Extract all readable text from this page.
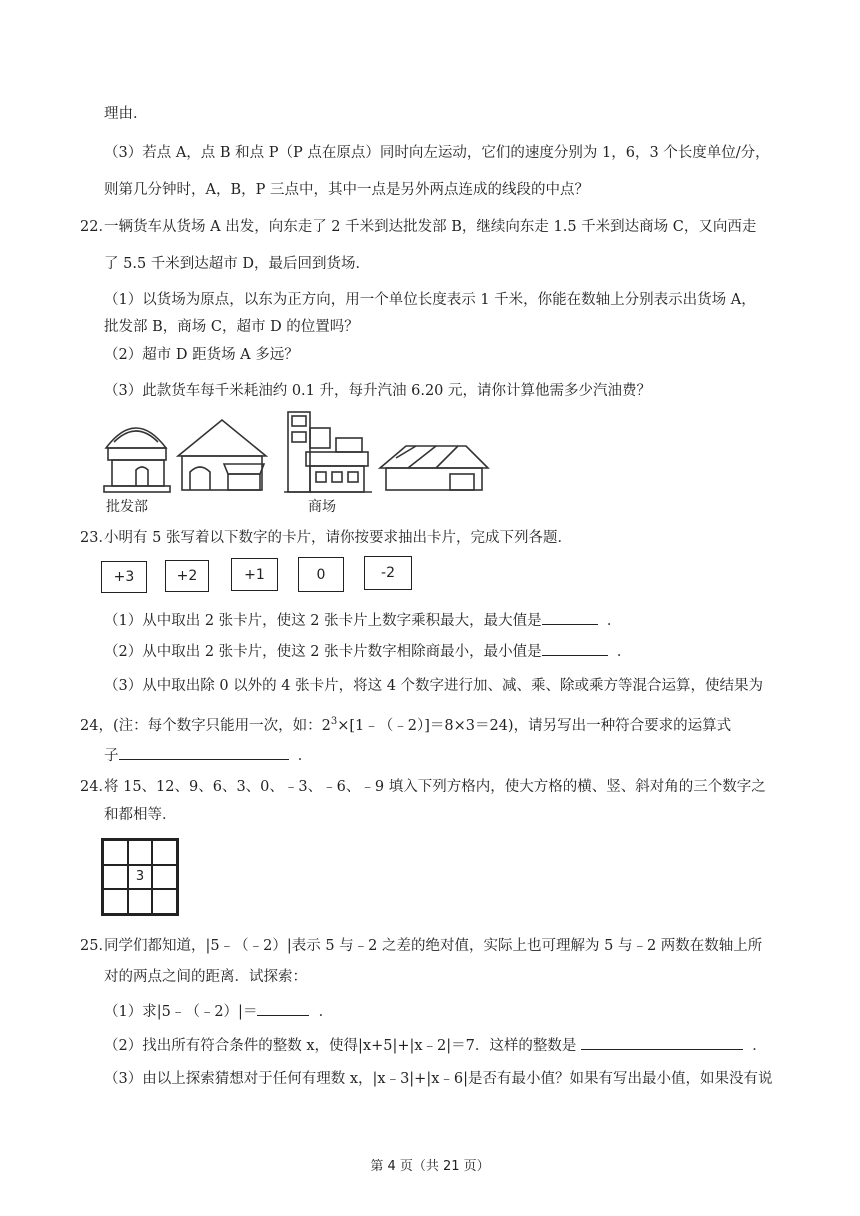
理由．
（3）若点 A，点 B 和点 P（P 点在原点）同时向左运动，它们的速度分别为 1，6，3 个长度单位/分，
则第几分钟时，A，B，P 三点中，其中一点是另外两点连成的线段的中点？
22．
一辆货车从货场 A 出发，向东走了 2 千米到达批发部 B，继续向东走 1.5 千米到达商场 C，又向西走
了 5.5 千米到达超市 D，最后回到货场．
（1）以货场为原点，以东为正方向，用一个单位长度表示 1 千米，你能在数轴上分别表示出货场 A，
批发部 B，商场 C，超市 D 的位置吗？
（2）超市 D 距货场 A 多远？
（3）此款货车每千米耗油约 0.1 升，每升汽油 6.20 元，请你计算他需多少汽油费？
批发部	商场
23．
小明有 5 张写着以下数字的卡片，请你按要求抽出卡片，完成下列各题．
+3	+2	+1	0	-2
（1）从中取出 2 张卡片，使这 2 张卡片上数字乘积最大，最大值是	．
（2）从中取出 2 张卡片，使这 2 张卡片数字相除商最小，最小值是	．
（3）从中取出除 0 以外的 4 张卡片，将这 4 个数字进行加、减、乘、除或乘方等混合运算，使结果为
24，(注：每个数字只能用一次，如：$2^3\times[1﹣(﹣2)]=8\times 3=24$)，请另写出一种符合要求的运算式
子	．
24．
将 15、12、9、6、3、0、﹣3、﹣6、﹣9 填入下列方格内，使大方格的横、竖、斜对角的三个数字之
和都相等．
3
25．
同学们都知道，|5﹣（﹣2）|表示 5 与﹣2 之差的绝对值，实际上也可理解为 5 与﹣2 两数在数轴上所
对的两点之间的距离．试探索：
（1）求|5﹣（﹣2）|＝	．
（2）找出所有符合条件的整数 x，使得|x+5|+|x﹣2|＝7．这样的整数是	．
（3）由以上探索猜想对于任何有理数 x，|x﹣3|+|x﹣6|是否有最小值？如果有写出最小值，如果没有说
第 4 页（共 21 页）
